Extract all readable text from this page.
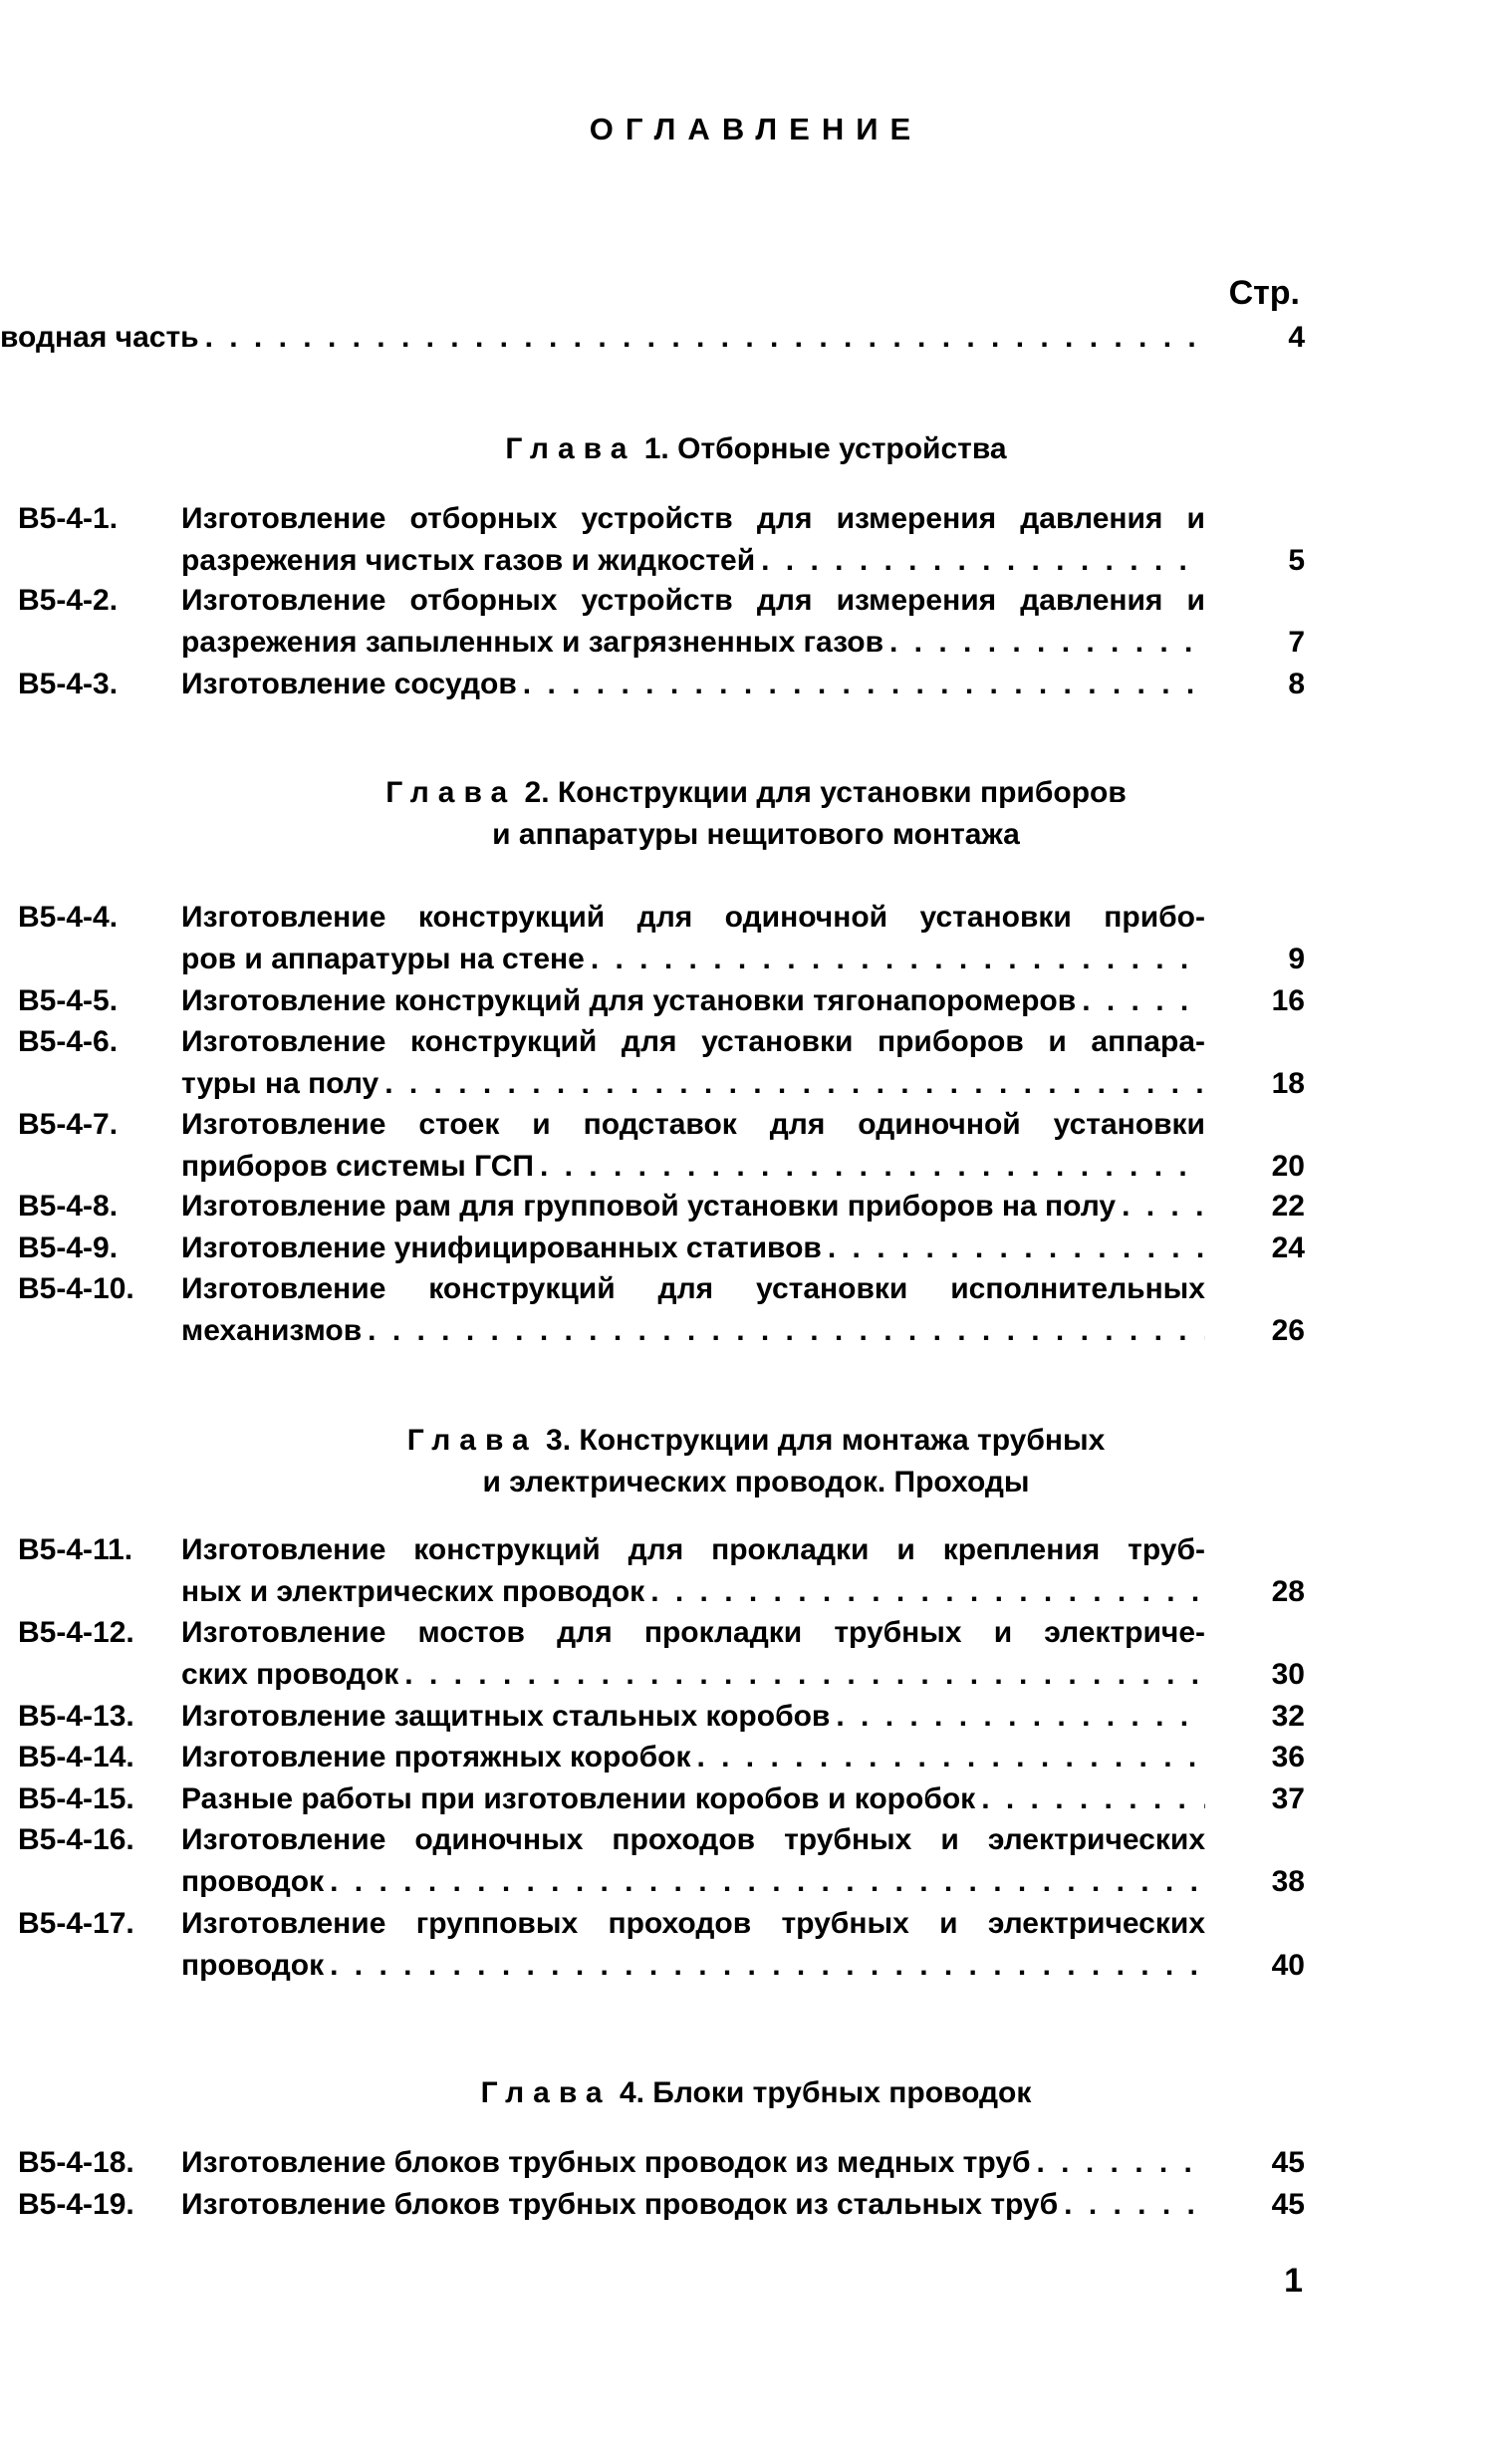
ОГЛАВЛЕНИЕ
Стр.
водная часть . . .	4
Глава 1. Отборные устройства
В5-4-1.	Изготовление отборных устройств для измерения давления и
разрежения чистых газов и жидкостей . . .	5
В5-4-2.	Изготовление отборных устройств для измерения давления и
разрежения запыленных и загрязненных газов . . .	7
В5-4-3.	Изготовление сосудов . . .	8
Глава 2. Конструкции для установки приборов
и аппаратуры нещитового монтажа
В5-4-4.	Изготовление конструкций для одиночной установки прибо-
ров и аппаратуры на стене . . .	9
В5-4-5.	Изготовление конструкций для установки тягонапоромеров . . .	16
В5-4-6.	Изготовление конструкций для установки приборов и аппара-
туры на полу . . .	18
В5-4-7.	Изготовление стоек и подставок для одиночной установки
приборов системы ГСП . . .	20
В5-4-8.	Изготовление рам для групповой установки приборов на полу . . .	22
В5-4-9.	Изготовление унифицированных стативов . . .	24
В5-4-10.	Изготовление конструкций для установки исполнительных
механизмов . . .	26
Глава 3. Конструкции для монтажа трубных
и электрических проводок. Проходы
В5-4-11.	Изготовление конструкций для прокладки и крепления труб-
ных и электрических проводок . . .	28
В5-4-12.	Изготовление мостов для прокладки трубных и электриче-
ских проводок . . .	30
В5-4-13.	Изготовление защитных стальных коробов . . .	32
В5-4-14.	Изготовление протяжных коробок . . .	36
В5-4-15.	Разные работы при изготовлении коробов и коробок . . .	37
В5-4-16.	Изготовление одиночных проходов трубных и электрических
проводок . . .	38
В5-4-17.	Изготовление групповых проходов трубных и электрических
проводок . . .	40
Глава 4. Блоки трубных проводок
В5-4-18.	Изготовление блоков трубных проводок из медных труб . . .	45
В5-4-19.	Изготовление блоков трубных проводок из стальных труб . . .	45
1
